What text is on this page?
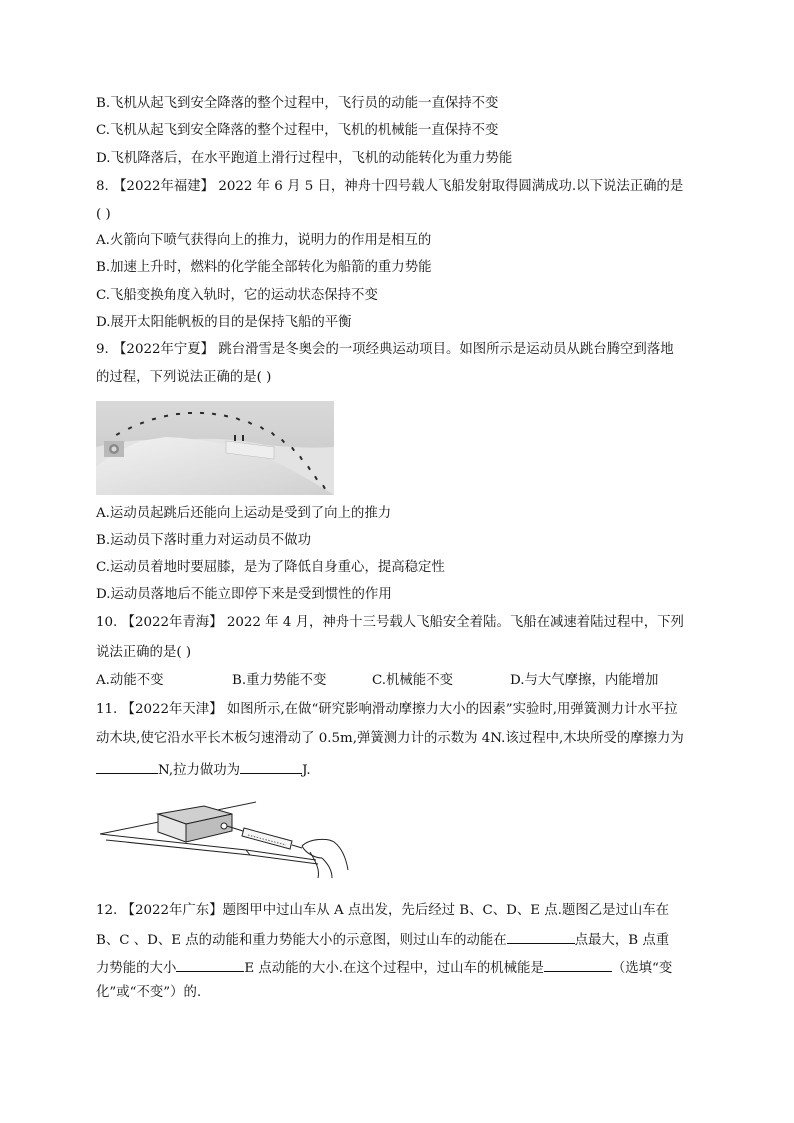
B.飞机从起飞到安全降落的整个过程中，飞行员的动能一直保持不变
C.飞机从起飞到安全降落的整个过程中，飞机的机械能一直保持不变
D.飞机降落后，在水平跑道上滑行过程中，飞机的动能转化为重力势能
8. 【2022年福建】 2022 年 6 月 5 日，神舟十四号载人飞船发射取得圆满成功.以下说法正确的是
( )
A.火箭向下喷气获得向上的推力，说明力的作用是相互的
B.加速上升时，燃料的化学能全部转化为船箭的重力势能
C.飞船变换角度入轨时，它的运动状态保持不变
D.展开太阳能帆板的目的是保持飞船的平衡
9. 【2022年宁夏】 跳台滑雪是冬奥会的一项经典运动项目。如图所示是运动员从跳台腾空到落地
的过程，下列说法正确的是( )
A.运动员起跳后还能向上运动是受到了向上的推力
B.运动员下落时重力对运动员不做功
C.运动员着地时要屈膝，是为了降低自身重心，提高稳定性
D.运动员落地后不能立即停下来是受到惯性的作用
10. 【2022年青海】 2022 年 4 月，神舟十三号载人飞船安全着陆。飞船在减速着陆过程中，下列
说法正确的是( )
A.动能不变	B.重力势能不变	C.机械能不变	D.与大气摩擦，内能增加
11. 【2022年天津】 如图所示,在做“研究影响滑动摩擦力大小的因素”实验时,用弹簧测力计水平拉
动木块,使它沿水平长木板匀速滑动了 0.5m,弹簧测力计的示数为 4N.该过程中,木块所受的摩擦力为
N,拉力做功为	J.
12. 【2022年广东】题图甲中过山车从 A 点出发，先后经过 B、C、D、E 点.题图乙是过山车在
B、C 、D、E 点的动能和重力势能大小的示意图，则过山车的动能在	点最大，B 点重
力势能的大小	E 点动能的大小.在这个过程中，过山车的机械能是	（选填“变
化”或“不变”）的.
